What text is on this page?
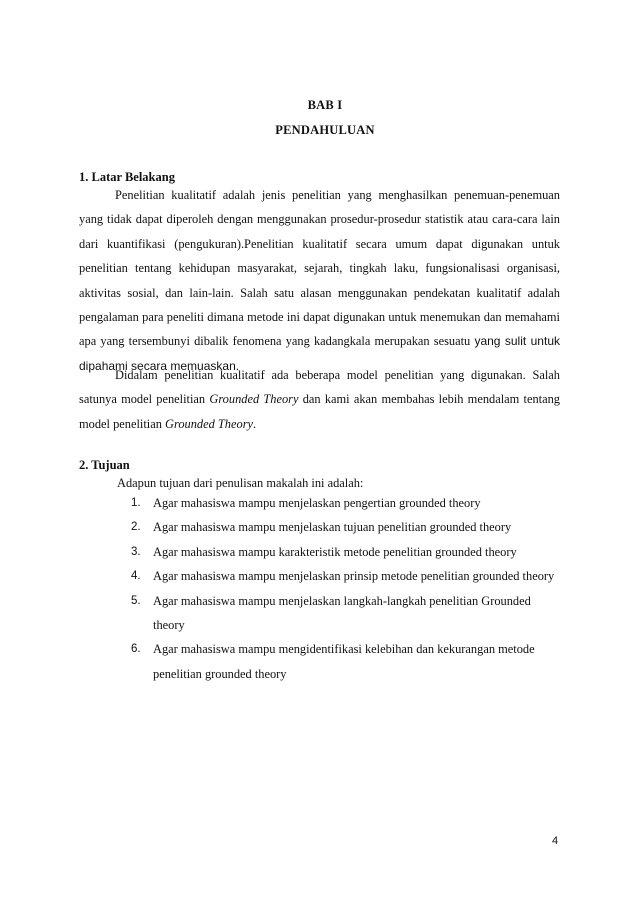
BAB I
PENDAHULUAN
1. Latar Belakang

Penelitian kualitatif adalah jenis penelitian yang menghasilkan penemuan-penemuan yang tidak dapat diperoleh dengan menggunakan prosedur-prosedur statistik atau cara-cara lain dari kuantifikasi (pengukuran).Penelitian kualitatif secara umum dapat digunakan untuk penelitian tentang kehidupan masyarakat, sejarah, tingkah laku, fungsionalisasi organisasi, aktivitas sosial, dan lain-lain. Salah satu alasan menggunakan pendekatan kualitatif adalah pengalaman para peneliti dimana metode ini dapat digunakan untuk menemukan dan memahami apa yang tersembunyi dibalik fenomena yang kadangkala merupakan sesuatu yang sulit untuk dipahami secara memuaskan.

Didalam penelitian kualitatif ada beberapa model penelitian yang digunakan. Salah satunya model penelitian Grounded Theory dan kami akan membahas lebih mendalam tentang model penelitian Grounded Theory.

2. Tujuan
Adapun tujuan dari penulisan makalah ini adalah:
1. Agar mahasiswa mampu menjelaskan pengertian grounded theory
2. Agar mahasiswa mampu menjelaskan tujuan penelitian grounded theory
3. Agar mahasiswa mampu karakteristik metode penelitian grounded theory
4. Agar mahasiswa mampu menjelaskan prinsip metode penelitian grounded theory
5. Agar mahasiswa mampu menjelaskan langkah-langkah penelitian Grounded theory
6. Agar mahasiswa mampu mengidentifikasi kelebihan dan kekurangan metode penelitian grounded theory
4
